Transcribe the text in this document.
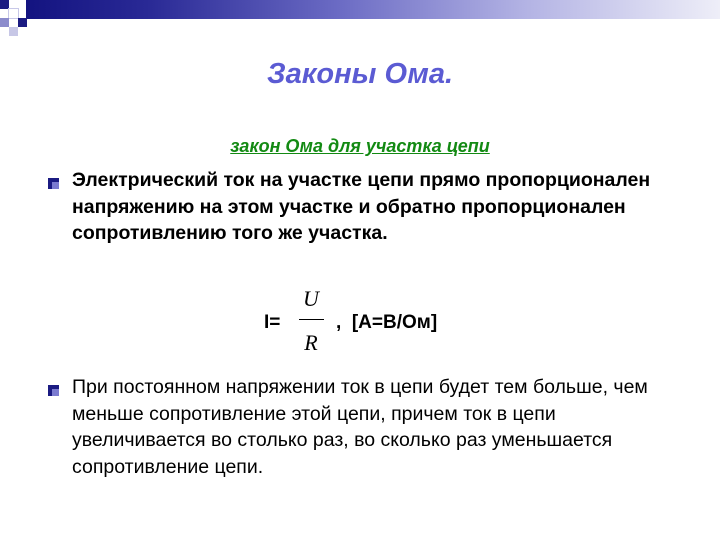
Законы Ома.
закон Ома для участка цепи
Электрический ток на участке цепи прямо пропорционален напряжению на этом участке и обратно пропорционален сопротивлению того же участка.
I=
U
R
,  [А=В/Ом]
При постоянном напряжении ток в цепи будет тем больше, чем меньше сопротивление этой цепи, причем ток в цепи увеличивается во столько раз, во сколько раз уменьшается сопротивление цепи.
